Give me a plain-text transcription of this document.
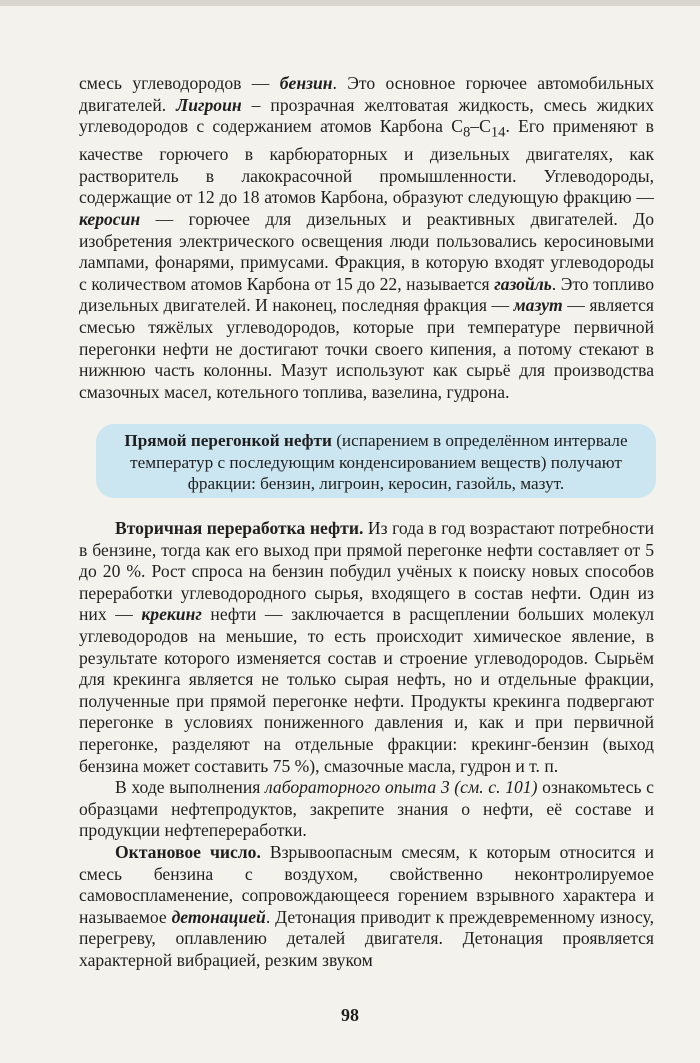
смесь углеводородов — бензин. Это основное горючее автомобильных двигателей. Лигроин – прозрачная желтоватая жидкость, смесь жидких углеводородов с содержанием атомов Карбона $C_8-C_{14}$. Его применяют в качестве горючего в карбюраторных и дизельных двигателях, как растворитель в лакокрасочной промышленности. Углеводороды, содержащие от 12 до 18 атомов Карбона, образуют следующую фракцию — керосин — горючее для дизельных и реактивных двигателей. До изобретения электрического освещения люди пользовались керосиновыми лампами, фонарями, примусами. Фракция, в которую входят углеводороды с количеством атомов Карбона от 15 до 22, называется газойль. Это топливо дизельных двигателей. И наконец, последняя фракция — мазут — является смесью тяжёлых углеводородов, которые при температуре первичной перегонки нефти не достигают точки своего кипения, а потому стекают в нижнюю часть колонны. Мазут используют как сырьё для производства смазочных масел, котельного топлива, вазелина, гудрона.

Прямой перегонкой нефти (испарением в определённом интервале температур с последующим конденсированием веществ) получают фракции: бензин, лигроин, керосин, газойль, мазут.

Вторичная переработка нефти. Из года в год возрастают потребности в бензине, тогда как его выход при прямой перегонке нефти составляет от 5 до 20 %. Рост спроса на бензин побудил учёных к поиску новых способов переработки углеводородного сырья, входящего в состав нефти. Один из них — крекинг нефти — заключается в расщеплении больших молекул углеводородов на меньшие, то есть происходит химическое явление, в результате которого изменяется состав и строение углеводородов. Сырьём для крекинга является не только сырая нефть, но и отдельные фракции, полученные при прямой перегонке нефти. Продукты крекинга подвергают перегонке в условиях пониженного давления и, как и при первичной перегонке, разделяют на отдельные фракции: крекинг-бензин (выход бензина может составить 75 %), смазочные масла, гудрон и т. п.

В ходе выполнения лабораторного опыта 3 (см. с. 101) ознакомьтесь с образцами нефтепродуктов, закрепите знания о нефти, её составе и продукции нефтепереработки.

Октановое число. Взрывоопасным смесям, к которым относится и смесь бензина с воздухом, свойственно неконтролируемое самовоспламенение, сопровождающееся горением взрывного характера и называемое детонацией. Детонация приводит к преждевременному износу, перегреву, оплавлению деталей двигателя. Детонация проявляется характерной вибрацией, резким звуком

98
